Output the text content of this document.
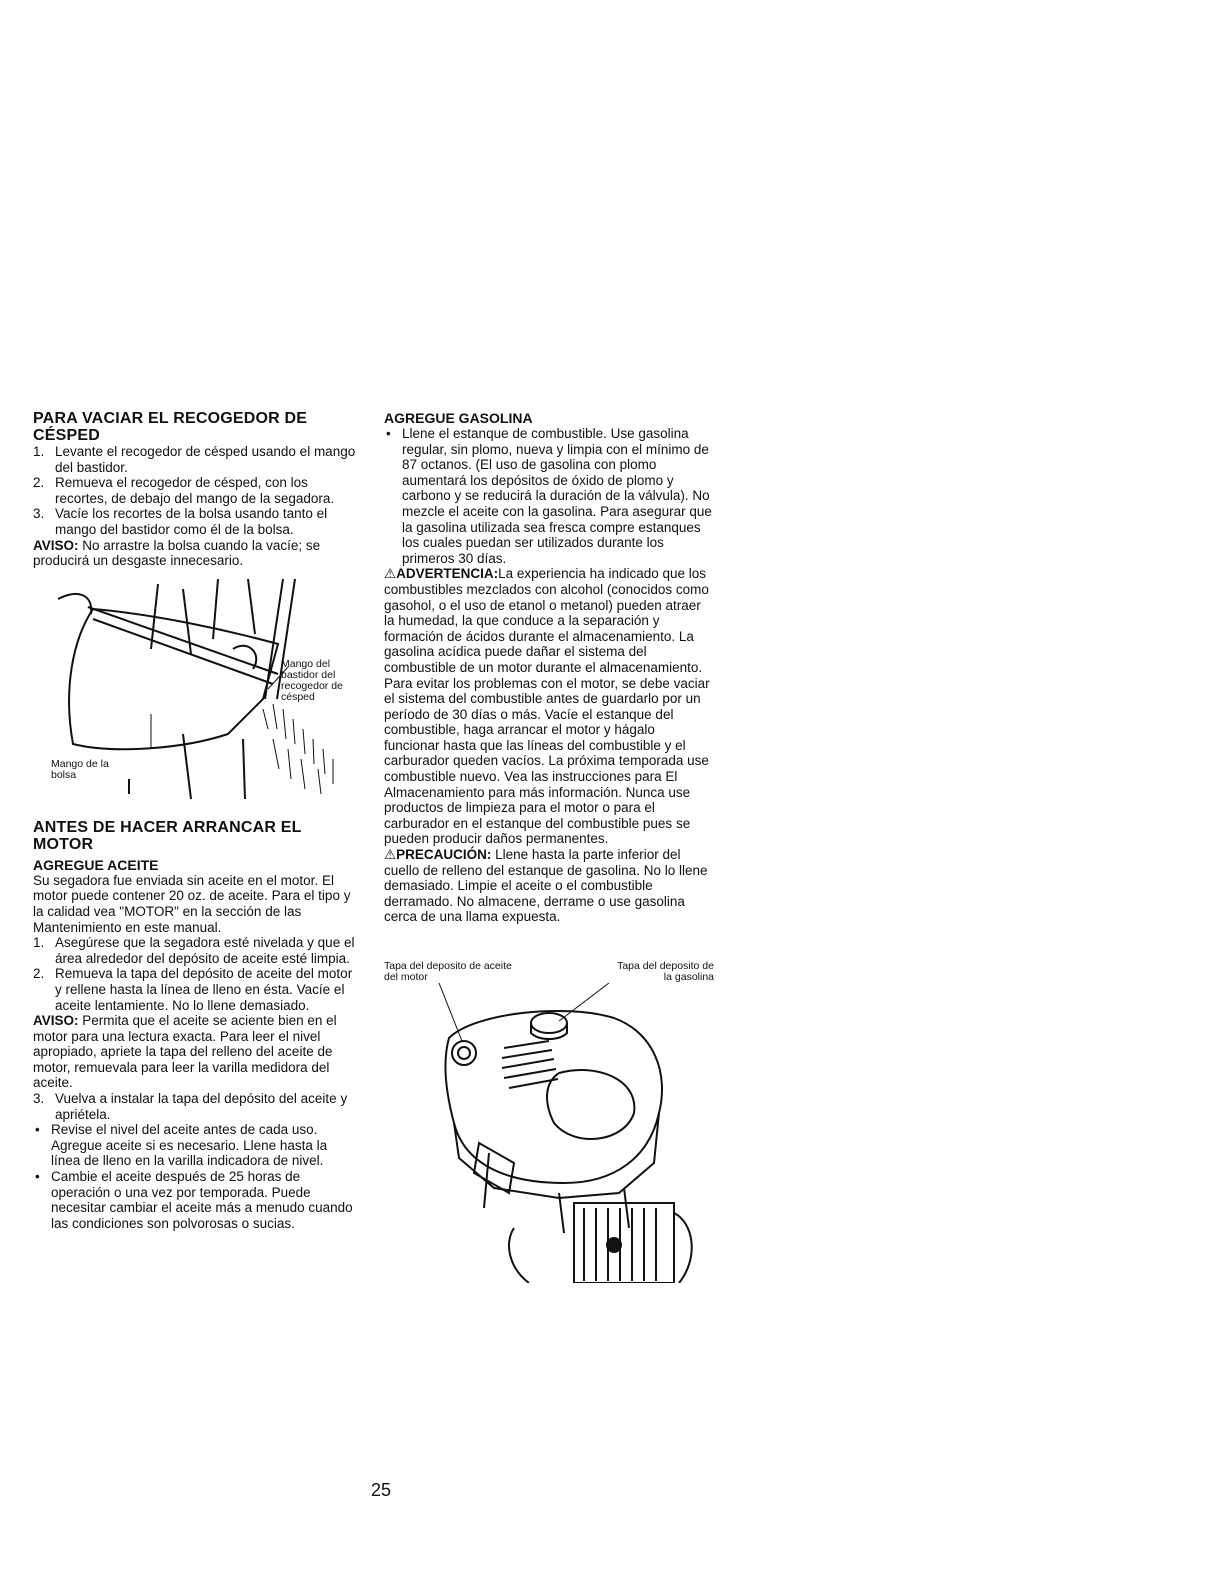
PARA VACIAR EL RECOGEDOR DE CÉSPED
1. Levante el recogedor de césped usando el mango del bastidor.
2. Remueva el recogedor de césped, con los recortes, de debajo del mango de la segadora.
3. Vacíe los recortes de la bolsa usando tanto el mango del bastidor como él de la bolsa.

AVISO: No arrastre la bolsa cuando la vacíe; se producirá un desgaste innecesario.

Mango del bastidor del recogedor de césped
Mango de la bolsa
ANTES DE HACER ARRANCAR EL MOTOR
AGREGUE ACEITE

Su segadora fue enviada sin aceite en el motor. El motor puede contener 20 oz. de aceite. Para el tipo y la calidad vea "MOTOR" en la sección de las Mantenimiento en este manual.

1. Asegúrese que la segadora esté nivelada y que el área alrededor del depósito de aceite esté limpia.
2. Remueva la tapa del depósito de aceite del motor y rellene hasta la línea de lleno en ésta. Vacíe el aceite lentamiente. No lo llene demasiado.

AVISO: Permita que el aceite se aciente bien en el motor para una lectura exacta. Para leer el nivel apropiado, apriete la tapa del relleno del aceite de motor, remuevala para leer la varilla medidora del aceite.

3. Vuelva a instalar la tapa del depósito del aceite y apriétela.
• Revise el nivel del aceite antes de cada uso. Agregue aceite si es necesario. Llene hasta la línea de lleno en la varilla indicadora de nivel.
• Cambie el aceite después de 25 horas de operación o una vez por temporada. Puede necesitar cambiar el aceite más a menudo cuando las condiciones son polvorosas o sucias.
AGREGUE GASOLINA
• Llene el estanque de combustible. Use gasolina regular, sin plomo, nueva y limpia con el mínimo de 87 octanos. (El uso de gasolina con plomo aumentará los depósitos de óxido de plomo y carbono y se reducirá la duración de la válvula). No mezcle el aceite con la gasolina. Para asegurar que la gasolina utilizada sea fresca compre estanques los cuales puedan ser utilizados durante los primeros 30 días.

⚠ADVERTENCIA:La experiencia ha indicado que los combustibles mezclados con alcohol (conocidos como gasohol, o el uso de etanol o metanol) pueden atraer la humedad, la que conduce a la separación y formación de ácidos durante el almacenamiento. La gasolina acídica puede dañar el sistema del combustible de un motor durante el almacenamiento. Para evitar los problemas con el motor, se debe vaciar el sistema del combustible antes de guardarlo por un período de 30 días o más. Vacíe el estanque del combustible, haga arrancar el motor y hágalo funcionar hasta que las líneas del combustible y el carburador queden vacíos. La próxima temporada use combustible nuevo. Vea las instrucciones para El Almacenamiento para más información. Nunca use productos de limpieza para el motor o para el carburador en el estanque del combustible pues se pueden producir daños permanentes.

⚠PRECAUCIÓN: Llene hasta la parte inferior del cuello de relleno del estanque de gasolina. No lo llene demasiado. Limpie el aceite o el combustible derramado. No almacene, derrame o use gasolina cerca de una llama expuesta.

Tapa del deposito de aceite del motor
Tapa del deposito de la gasolina
25
